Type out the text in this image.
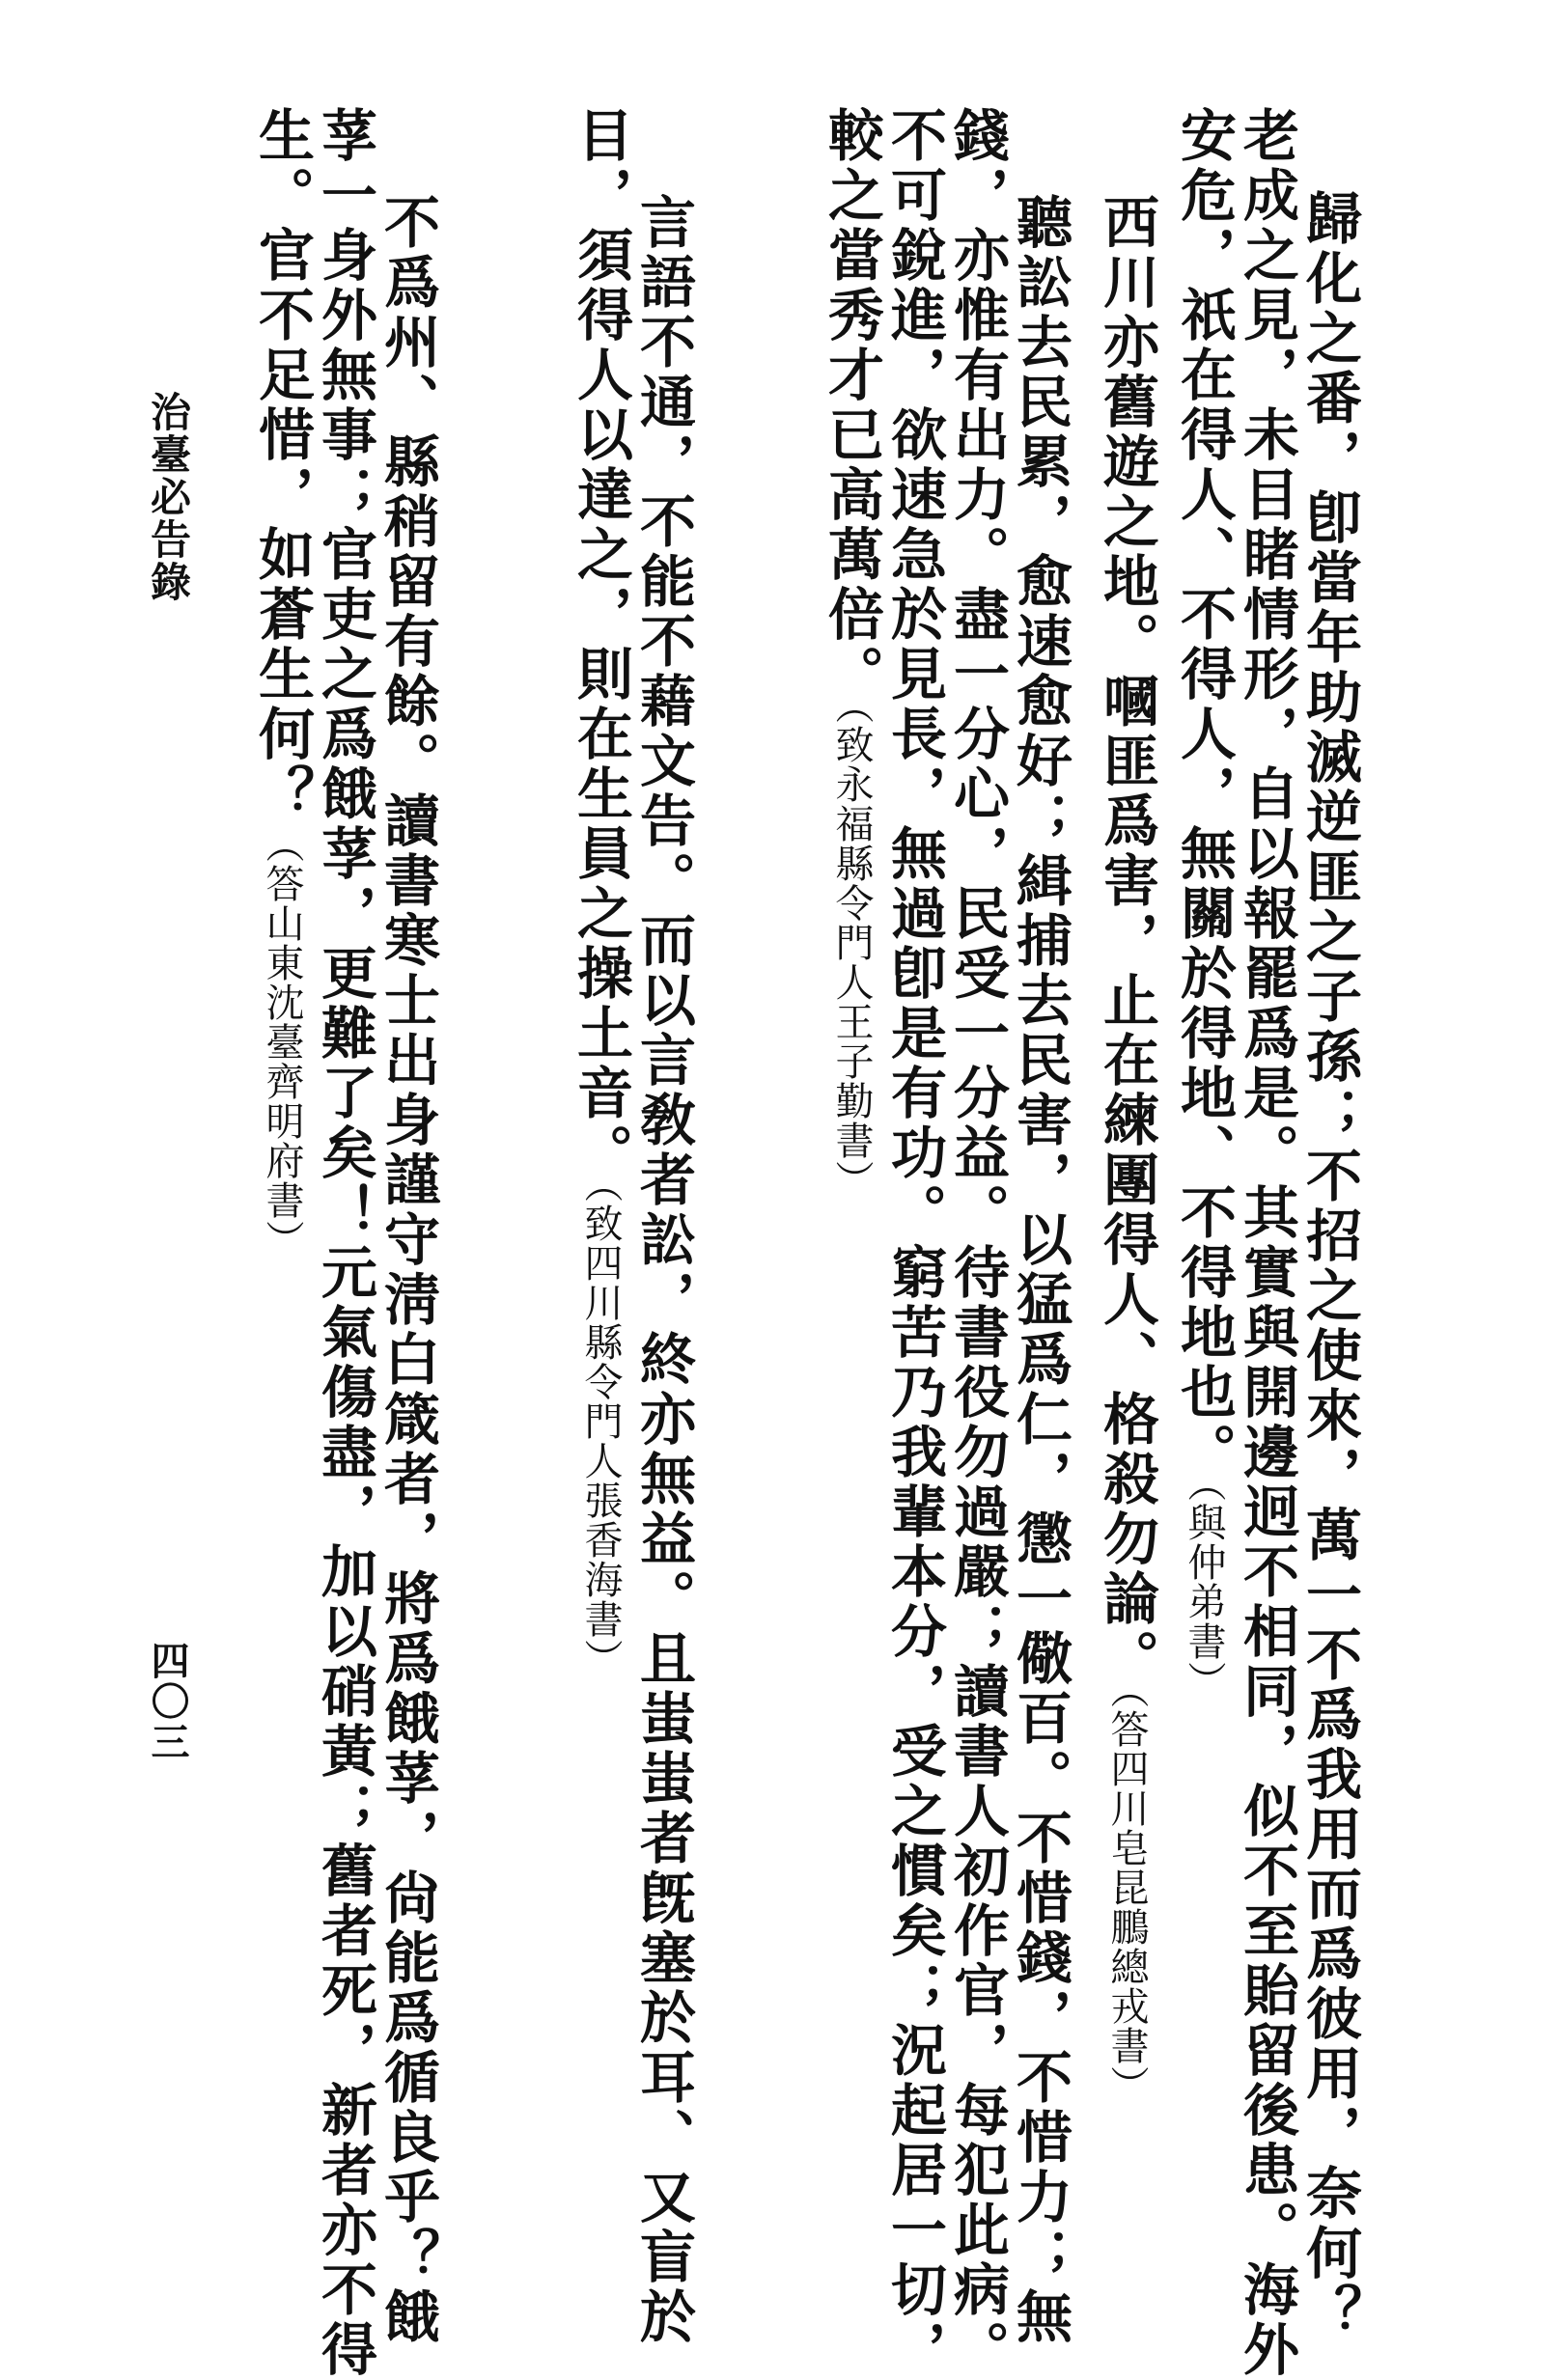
歸化之番，卽當年助滅逆匪之子孫；不招之使來，萬一不爲我用而爲彼用，奈何？
老成之見，未目睹情形，自以報罷爲是。其實與開邊迥不相同，似不至貽留後患。海外
安危，祇在得人、不得人，無關於得地、不得地也。（與仲弟書）
西川亦舊遊之地。嘓匪爲害，止在練團得人、格殺勿論。（答四川皂昆鵬總戎書）
聽訟去民累，愈速愈好；緝捕去民害，以猛爲仁，懲一儆百。不惜錢，不惜力；無
錢，亦惟有出力。盡一分心，民受一分益。待書役勿過嚴；讀書人初作官，每犯此病。
不可銳進，欲速急於見長，無過卽是有功。窮苦乃我輩本分，受之慣矣；況起居一切，
較之當秀才已高萬倍。（致永福縣令門人王子勤書）
言語不通，不能不藉文告。而以言敎者訟，終亦無益。且蚩蚩者旣塞於耳、又盲於
目，須得人以達之，則在生員之操土音。（致四川縣令門人張香海書）
不爲州、縣稍留有餘。讀書寒士出身謹守淸白箴者，將爲餓莩，尙能爲循良乎？餓
莩一身外無事；官吏之爲餓莩，更難了矣！元氣傷盡，加以硝黃；舊者死，新者亦不得
生。官不足惜，如蒼生何？（答山東沈臺齊明府書）
治臺必告錄
四〇三
